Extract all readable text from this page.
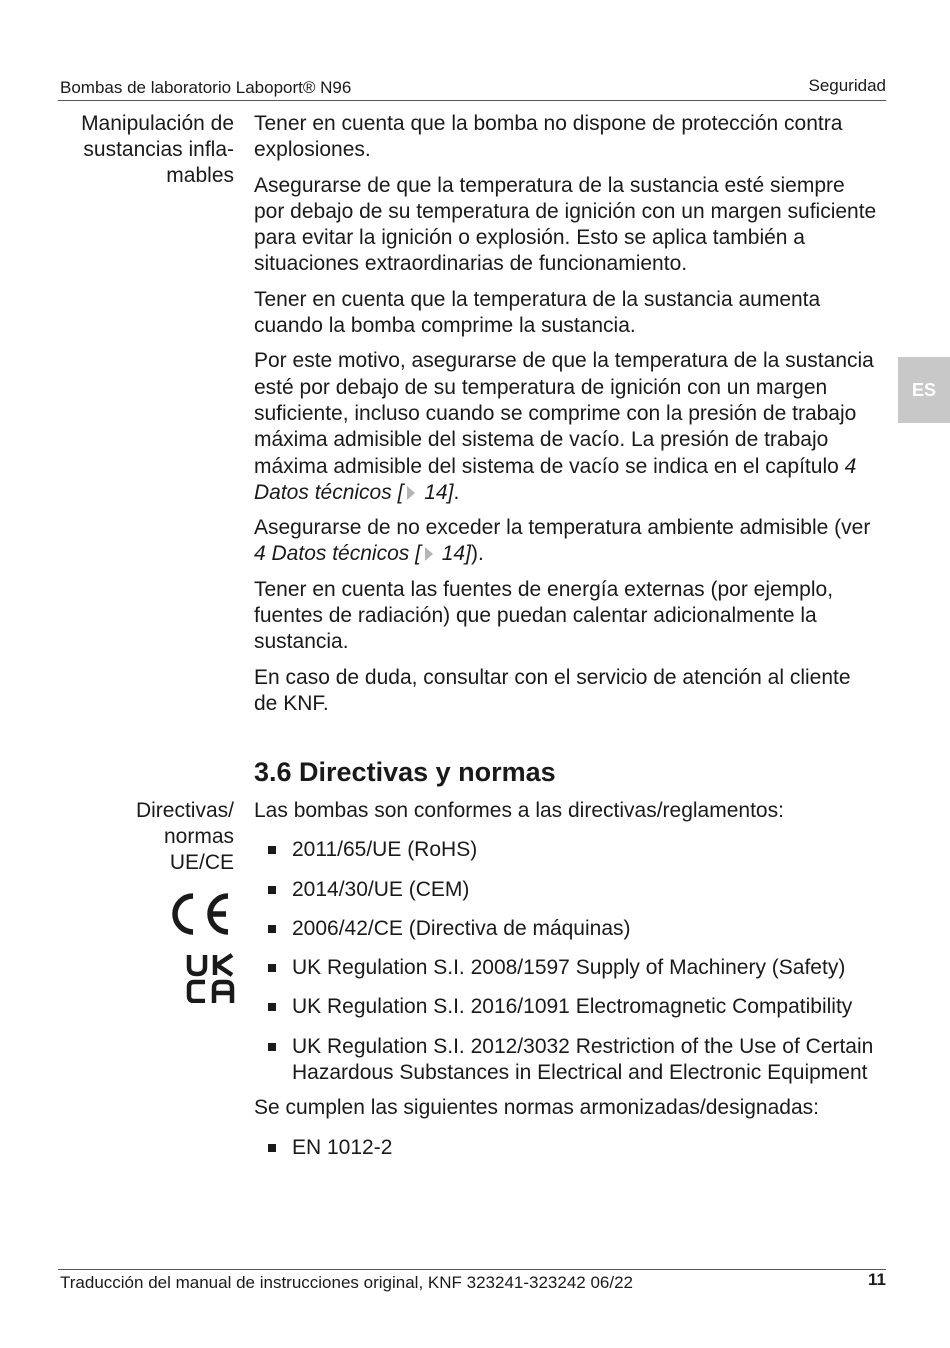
Bombas de laboratorio Laboport® N96	Seguridad
ES
Manipulación de
sustancias infla-
mables

Tener en cuenta que la bomba no dispone de protección contra explosiones.

Asegurarse de que la temperatura de la sustancia esté siempre por debajo de su temperatura de ignición con un margen suficiente para evitar la ignición o explosión. Esto se aplica también a situaciones extraordinarias de funcionamiento.

Tener en cuenta que la temperatura de la sustancia aumenta cuando la bomba comprime la sustancia.

Por este motivo, asegurarse de que la temperatura de la sustancia esté por debajo de su temperatura de ignición con un margen suficiente, incluso cuando se comprime con la presión de trabajo máxima admisible del sistema de vacío. La presión de trabajo máxima admisible del sistema de vacío se indica en el capítulo 4 Datos técnicos [ 14].

Asegurarse de no exceder la temperatura ambiente admisible (ver 4 Datos técnicos [ 14]).

Tener en cuenta las fuentes de energía externas (por ejemplo, fuentes de radiación) que puedan calentar adicionalmente la sustancia.

En caso de duda, consultar con el servicio de atención al cliente de KNF.

3.6 Directivas y normas
Directivas/
normas
UE/CE

Las bombas son conformes a las directivas/reglamentos:

2011/65/UE (RoHS)
2014/30/UE (CEM)
2006/42/CE (Directiva de máquinas)
UK Regulation S.I. 2008/1597 Supply of Machinery (Safety)
UK Regulation S.I. 2016/1091 Electromagnetic Compatibility
UK Regulation S.I. 2012/3032 Restriction of the Use of Certain Hazardous Substances in Electrical and Electronic Equipment

Se cumplen las siguientes normas armonizadas/designadas:

EN 1012-2
Traducción del manual de instrucciones original, KNF 323241-323242 06/22	11
